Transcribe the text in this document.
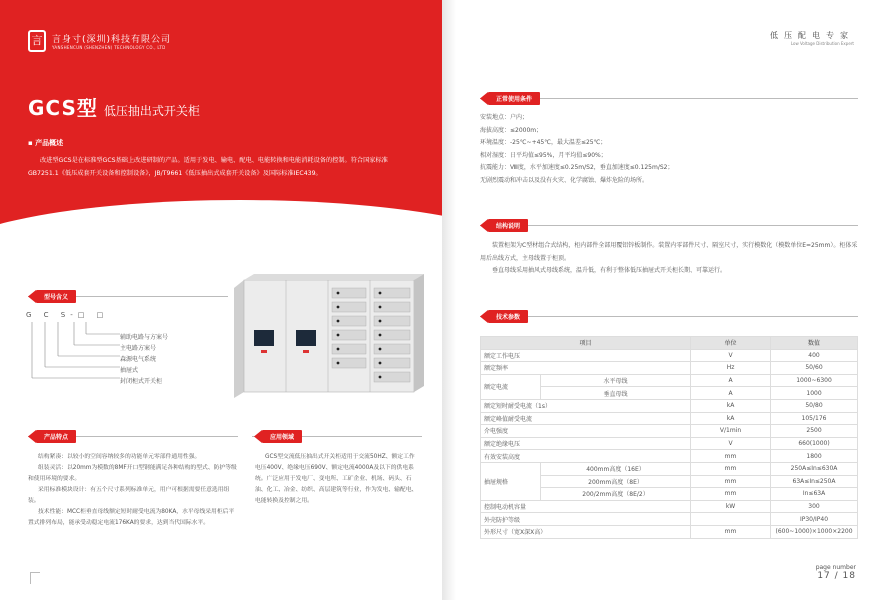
言	言身寸(深圳)科技有限公司
YANSHENCUN (SHENZHEN) TECHNOLOGY CO., LTD
GCS型 低压抽出式开关柜
▪ 产品概述
改进型GCS是在标准型GCS基础上改进研制的产品。适用于发电、输电、配电、电能转换和电能消耗设备的控制。符合国家标准GB7251.1《低压成套开关设备和控制设备》，JB/T9661《低压抽出式成套开关设备》及国际标准IEC439。
型号含义
G C S-□ □
辅助电路与方案号
主电路方案号
森源电气系统
抽屉式
封闭柜式开关柜
产品特点

结构紧凑：以较小的空间容纳较多的功能单元零部件通用性强。

组装灵活：以20mm为模数的8MF开口型钢能满足各种结构的型式、防护等级和使用环境的要求。

采用标准模块设计：有五个尺寸系列标准单元，用户可根据需要任意选用组装。

技术性能：MCC柜垂直母线额定短时耐受电流为80KA，水平母线采用柜后平置式排列布局，能承受动稳定电流176KA的要求，达到当代国际水平。

应用领域
GCS型交流低压抽出式开关柜适用于交流50HZ、额定工作电压400V、绝缘电压690V、额定电流4000A及以下的供电系统。广泛应用于发电厂、变电所、工矿企业、机场、码头、石油、化工、冶金、纺织、高层建筑等行业，作为发电、输配电、电能转换及控制之用。
低压配电专家
Low Voltage Distribution Expert
正常使用条件
安装地点：户内；
海拔高度：≤2000m；
环境温度：-25℃~+45℃，最大温差≤25℃；
相对湿度：日平均值≤95%，月平均值≤90%；
抗震能力：Ⅷ度，水平加速度≤0.25m/S2，垂直加速度≤0.125m/S2；
无剧烈震动和冲击以及没有火灾、化学腐蚀、爆炸危险的场所。
结构说明

装置柜架为C型材组合式结构，柜内部件全部用覆铝锌板制作。装置内零部件尺寸、隔室尺寸，实行模数化（模数单位E=25mm）。柜体采用后出线方式，主母线置于柜顶。

垂直母线采用抽风式母线系统，温升低，有利于整体低压抽屉式开关柜长期、可靠运行。

技术参数
项目		单位	数值
额定工作电压		V	400
额定频率		Hz	50/60
额定电流	水平母线	A	1000~6300
	垂直母线	A	1000
额定短时耐受电流（1s）		kA	50/80
额定峰值耐受电流		kA	105/176
介电强度		V/1min	2500
额定绝缘电压		V	660(1000)
有效安装高度		mm	1800
抽屉规格	400mm高度（16E）	mm	250A≤In≤630A
	200mm高度（8E）	mm	63A≤In≤250A
	200/2mm高度（8E/2）	mm	In≤63A
控制电动机容量		kW	300
外壳防护等级			IP30/IP40
外形尺寸（宽X深X高）		mm	(600~1000)×1000×2200
page number
17 / 18
